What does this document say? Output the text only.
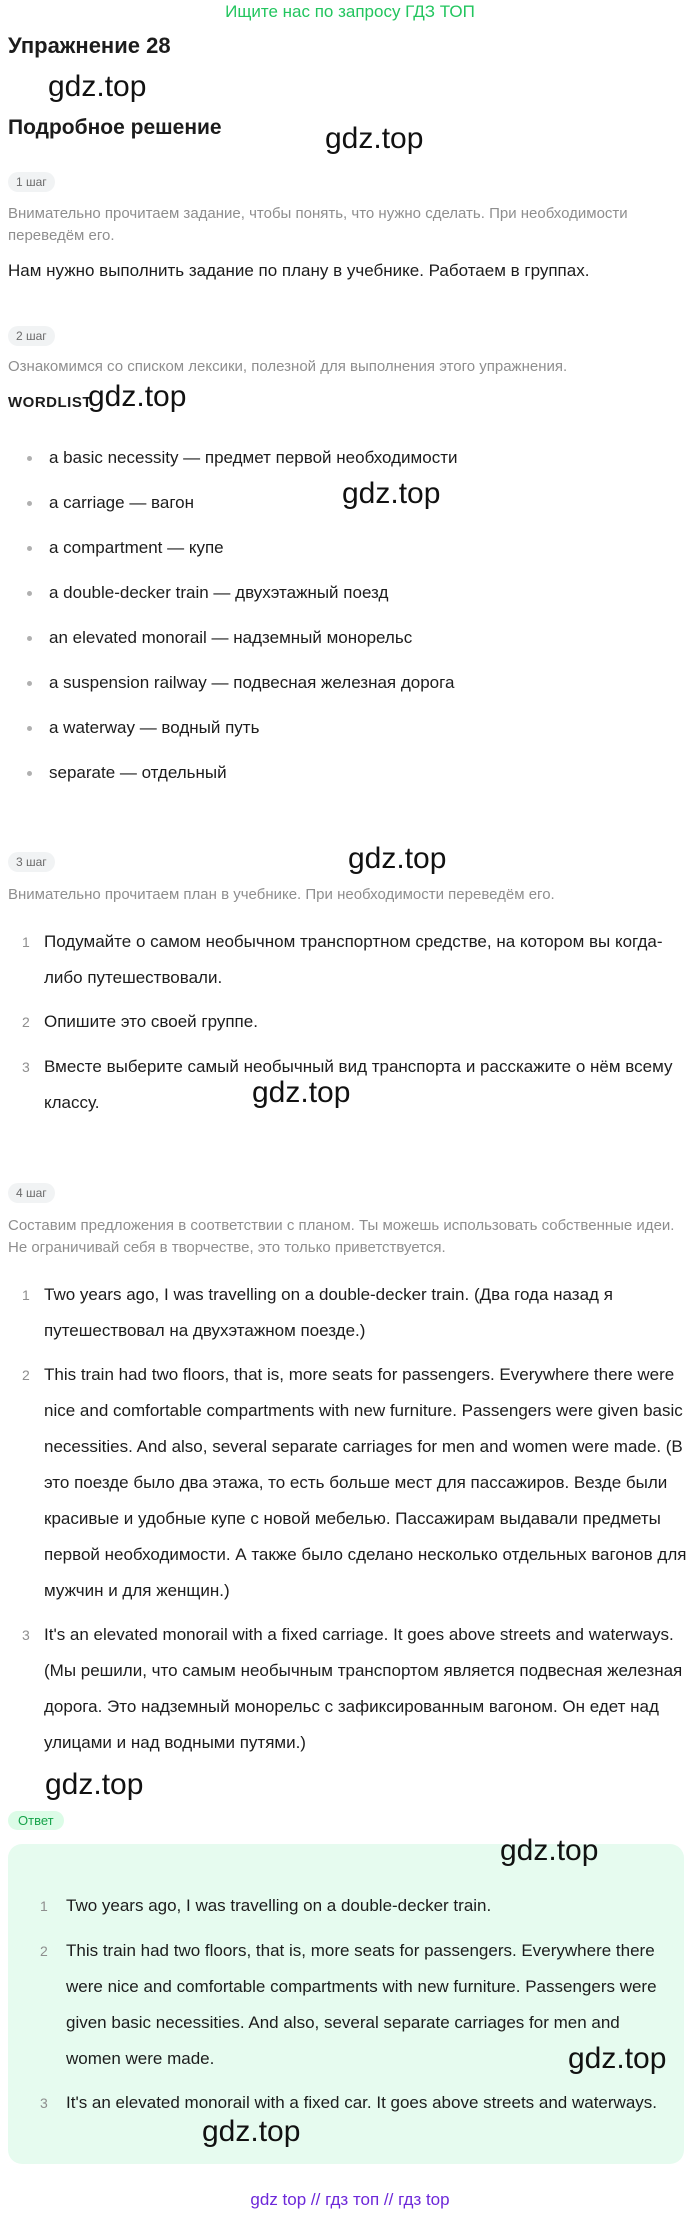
Ищите нас по запросу ГДЗ ТОП
Упражнение 28
gdz.top
Подробное решение	gdz.top
1 шаг
Внимательно прочитаем задание, чтобы понять, что нужно сделать. При необходимости переведём его.
Нам нужно выполнить задание по плану в учебнике. Работаем в группах.
2 шаг
Ознакомимся со списком лексики, полезной для выполнения этого упражнения.
WORDLIST
gdz.top
a basic necessity — предмет первой необходимости
a carriage — вагон	gdz.top
a compartment — купе
a double-decker train — двухэтажный поезд
an elevated monorail — надземный монорельс
a suspension railway — подвесная железная дорога
a waterway — водный путь
separate — отдельный
gdz.top
3 шаг
Внимательно прочитаем план в учебнике. При необходимости переведём его.
1 Подумайте о самом необычном транспортном средстве, на котором вы когда-либо путешествовали.
2 Опишите это своей группе.
3 Вместе выберите самый необычный вид транспорта и расскажите о нём всему классу.	gdz.top
4 шаг
Составим предложения в соответствии с планом. Ты можешь использовать собственные идеи. Не ограничивай себя в творчестве, это только приветствуется.
1 Two years ago, I was travelling on a double-decker train. (Два года назад я путешествовал на двухэтажном поезде.)
2 This train had two floors, that is, more seats for passengers. Everywhere there were nice and comfortable compartments with new furniture. Passengers were given basic necessities. And also, several separate carriages for men and women were made. (В это поезде было два этажа, то есть больше мест для пассажиров. Везде были красивые и удобные купе с новой мебелью. Пассажирам выдавали предметы первой необходимости. А также было сделано несколько отдельных вагонов для мужчин и для женщин.)
3 It's an elevated monorail with a fixed carriage. It goes above streets and waterways. (Мы решили, что самым необычным транспортом является подвесная железная дорога. Это надземный монорельс с зафиксированным вагоном. Он едет над улицами и над водными путями.)
gdz.top
Ответ
gdz.top
1 Two years ago, I was travelling on a double-decker train.
2 This train had two floors, that is, more seats for passengers. Everywhere there were nice and comfortable compartments with new furniture. Passengers were given basic necessities. And also, several separate carriages for men and women were made.	gdz.top
3 It's an elevated monorail with a fixed car. It goes above streets and waterways.
gdz.top
gdz top // гдз топ // гдз top
